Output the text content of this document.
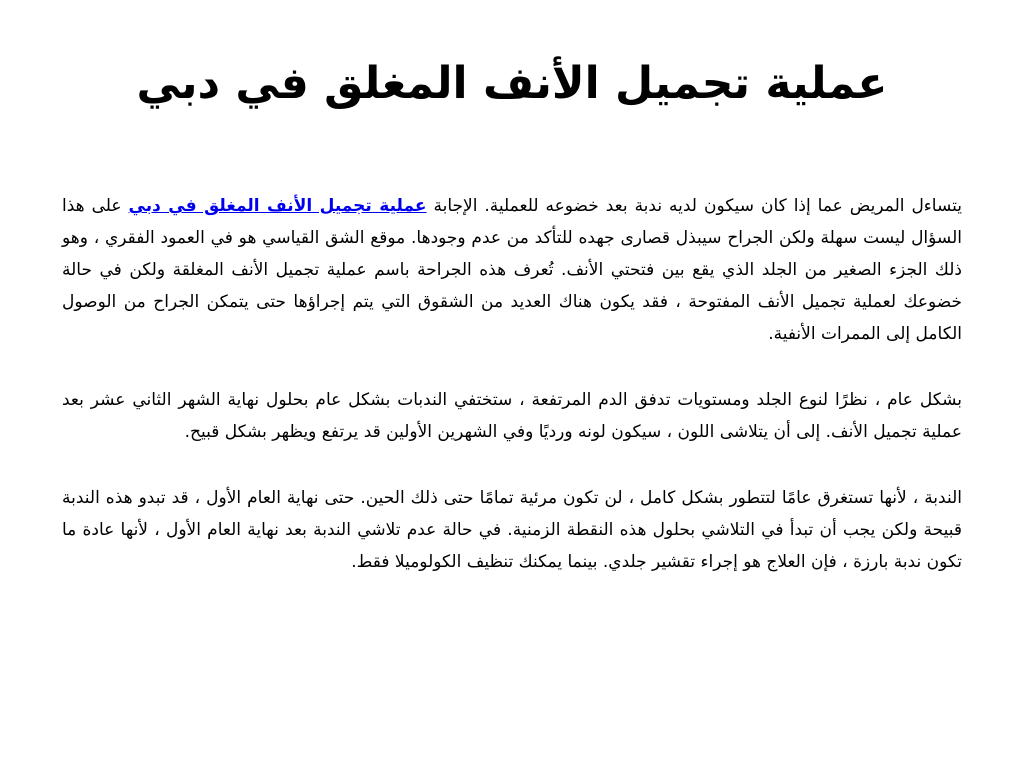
عملية تجميل الأنف المغلق في دبي

يتساءل المريض عما إذا كان سيكون لديه ندبة بعد خضوعه للعملية. الإجابة عملية تجميل الأنف المغلق في دبي على هذا السؤال ليست سهلة ولكن الجراح سيبذل قصارى جهده للتأكد من عدم وجودها. موقع الشق القياسي هو في العمود الفقري ، وهو ذلك الجزء الصغير من الجلد الذي يقع بين فتحتي الأنف. تُعرف هذه الجراحة باسم عملية تجميل الأنف المغلقة ولكن في حالة خضوعك لعملية تجميل الأنف المفتوحة ، فقد يكون هناك العديد من الشقوق التي يتم إجراؤها حتى يتمكن الجراح من الوصول الكامل إلى الممرات الأنفية.

بشكل عام ، نظرًا لنوع الجلد ومستويات تدفق الدم المرتفعة ، ستختفي الندبات بشكل عام بحلول نهاية الشهر الثاني عشر بعد عملية تجميل الأنف. إلى أن يتلاشى اللون ، سيكون لونه ورديًا وفي الشهرين الأولين قد يرتفع ويظهر بشكل قبيح.

الندبة ، لأنها تستغرق عامًا لتتطور بشكل كامل ، لن تكون مرئية تمامًا حتى ذلك الحين. حتى نهاية العام الأول ، قد تبدو هذه الندبة قبيحة ولكن يجب أن تبدأ في التلاشي بحلول هذه النقطة الزمنية. في حالة عدم تلاشي الندبة بعد نهاية العام الأول ، لأنها عادة ما تكون ندبة بارزة ، فإن العلاج هو إجراء تقشير جلدي. بينما يمكنك تنظيف الكولوميلا فقط.
